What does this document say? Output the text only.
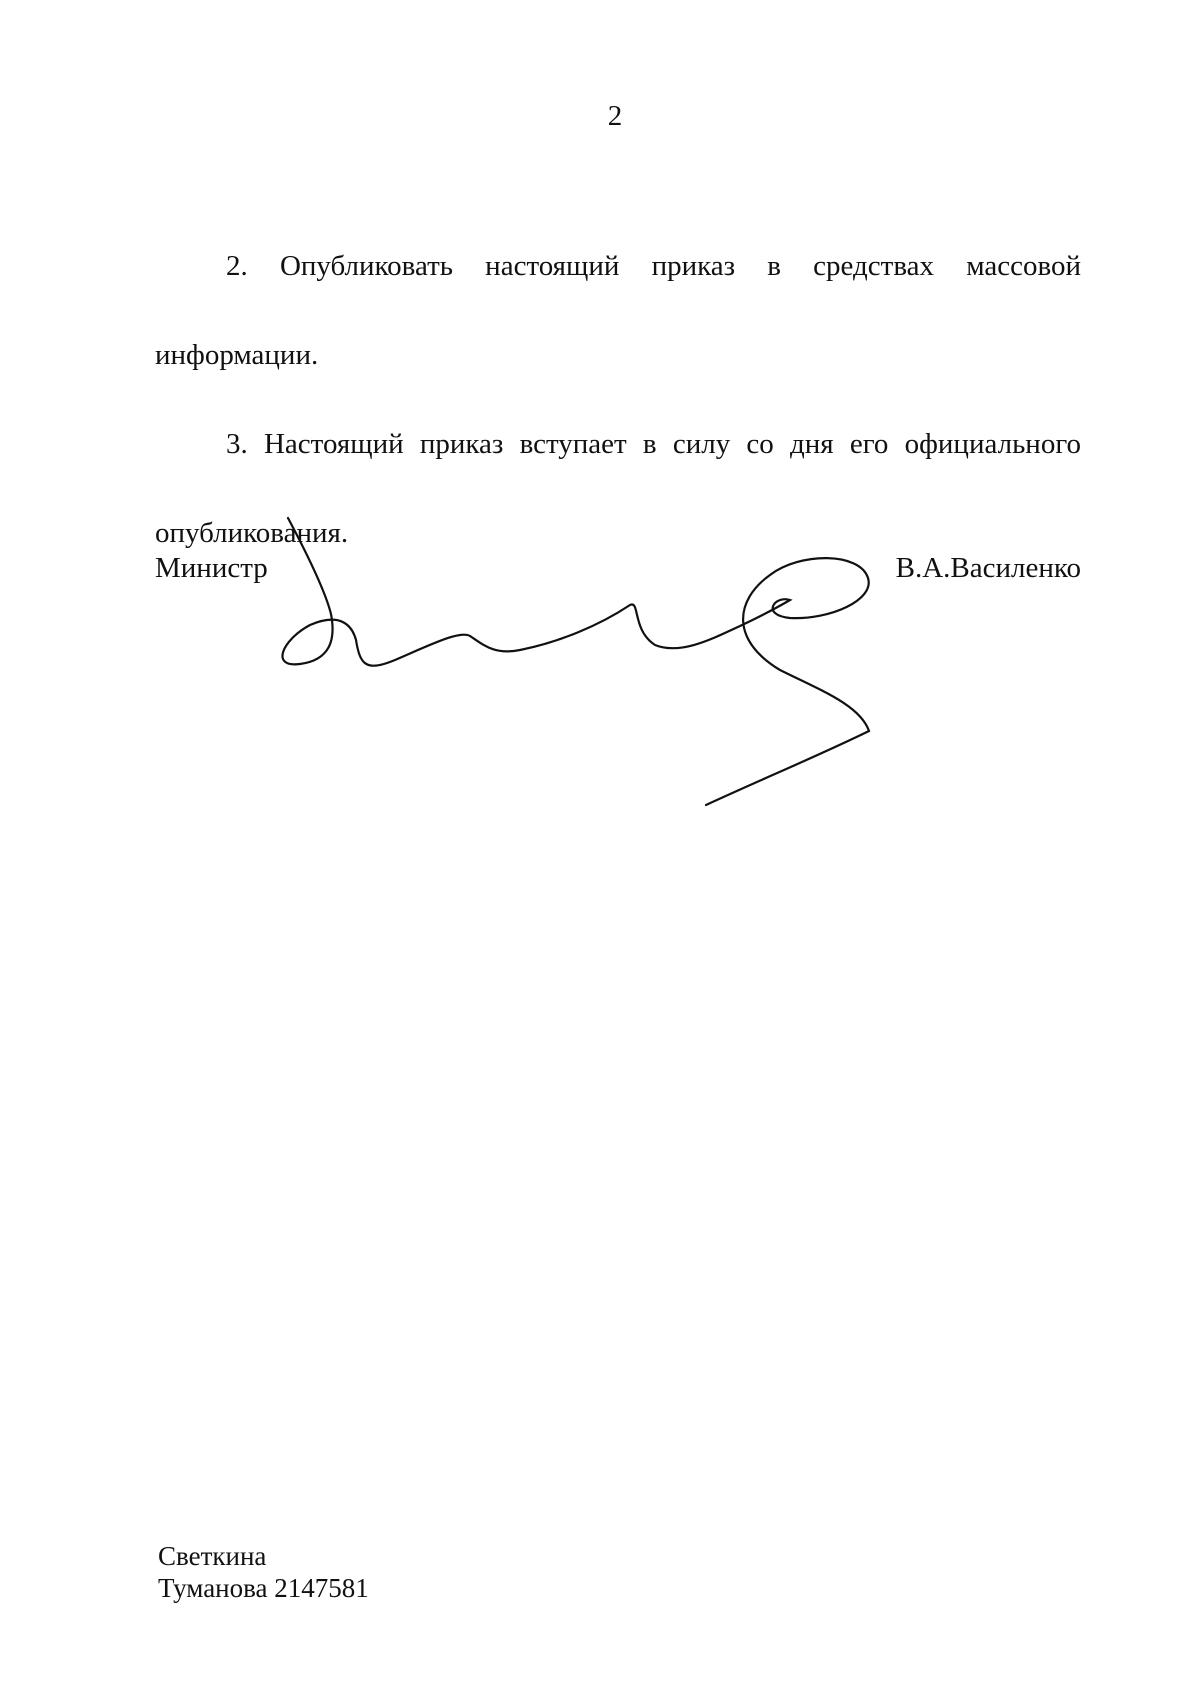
2
2. Опубликовать настоящий приказ в средствах массовой
информации.
3. Настоящий приказ вступает в силу со дня его официального
опубликования.
Министр	В.А.Василенко
Светкина
Туманова 2147581
